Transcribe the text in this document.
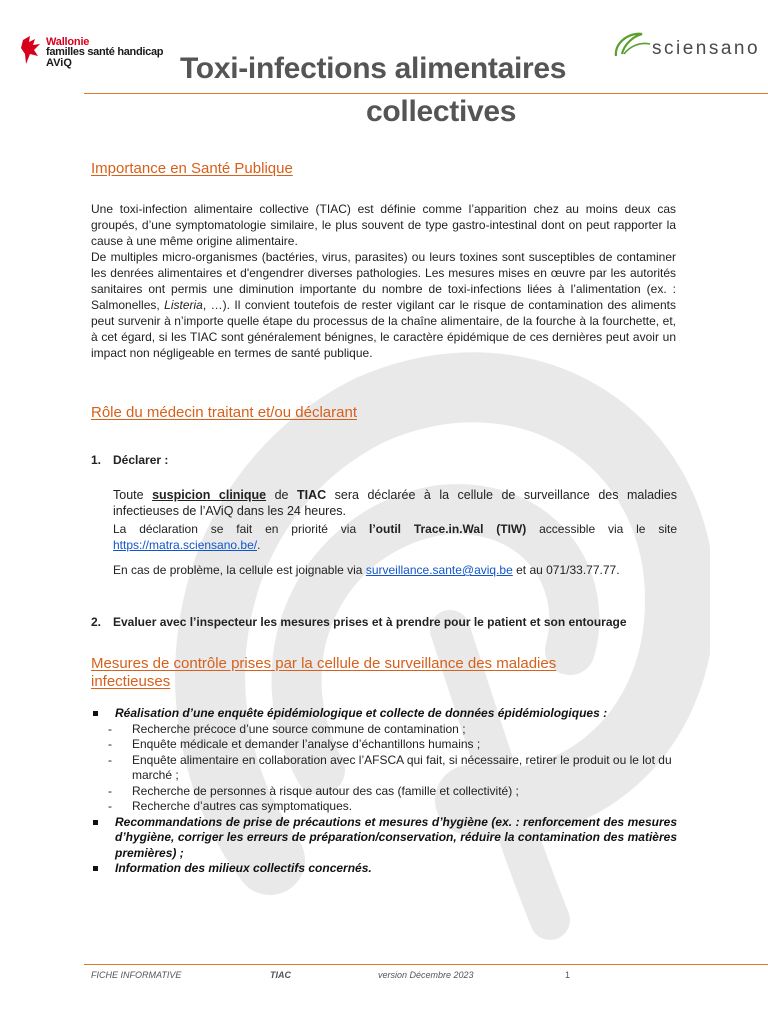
Wallonie
familles santé handicap
AViQ
sciensano
Toxi-infections alimentaires
collectives
Importance en Santé Publique

Une toxi-infection alimentaire collective (TIAC) est définie comme l’apparition chez au moins deux cas groupés, d’une symptomatologie similaire, le plus souvent de type gastro-intestinal dont on peut rapporter la cause à une même origine alimentaire.

De multiples micro-organismes (bactéries, virus, parasites) ou leurs toxines sont susceptibles de contaminer les denrées alimentaires et d'engendrer diverses pathologies. Les mesures mises en œuvre par les autorités sanitaires ont permis une diminution importante du nombre de toxi-infections liées à l’alimentation (ex. : Salmonelles, Listeria, …). Il convient toutefois de rester vigilant car le risque de contamination des aliments peut survenir à n’importe quelle étape du processus de la chaîne alimentaire, de la fourche à la fourchette, et, à cet égard, si les TIAC sont généralement bénignes, le caractère épidémique de ces dernières peut avoir un impact non négligeable en termes de santé publique.

Rôle du médecin traitant et/ou déclarant
1. Déclarer :
Toute suspicion clinique de TIAC sera déclarée à la cellule de surveillance des maladies infectieuses de l’AViQ dans les 24 heures.
La déclaration se fait en priorité via l’outil Trace.in.Wal (TIW) accessible via le site https://matra.sciensano.be/.
En cas de problème, la cellule est joignable via surveillance.sante@aviq.be et au 071/33.77.77.
2. Evaluer avec l’inspecteur les mesures prises et à prendre pour le patient et son entourage
Mesures de contrôle prises par la cellule de surveillance des maladies
infectieuses
Réalisation d’une enquête épidémiologique et collecte de données épidémiologiques :
- Recherche précoce d’une source commune de contamination ;
- Enquête médicale et demander l’analyse d’échantillons humains ;
- Enquête alimentaire en collaboration avec l’AFSCA qui fait, si nécessaire, retirer le produit ou le lot du marché ;
- Recherche de personnes à risque autour des cas (famille et collectivité) ;
- Recherche d’autres cas symptomatiques.
Recommandations de prise de précautions et mesures d’hygiène (ex. : renforcement des mesures d’hygiène, corriger les erreurs de préparation/conservation, réduire la contamination des matières premières) ;
Information des milieux collectifs concernés.
FICHE INFORMATIVE	TIAC	version Décembre 2023	1
